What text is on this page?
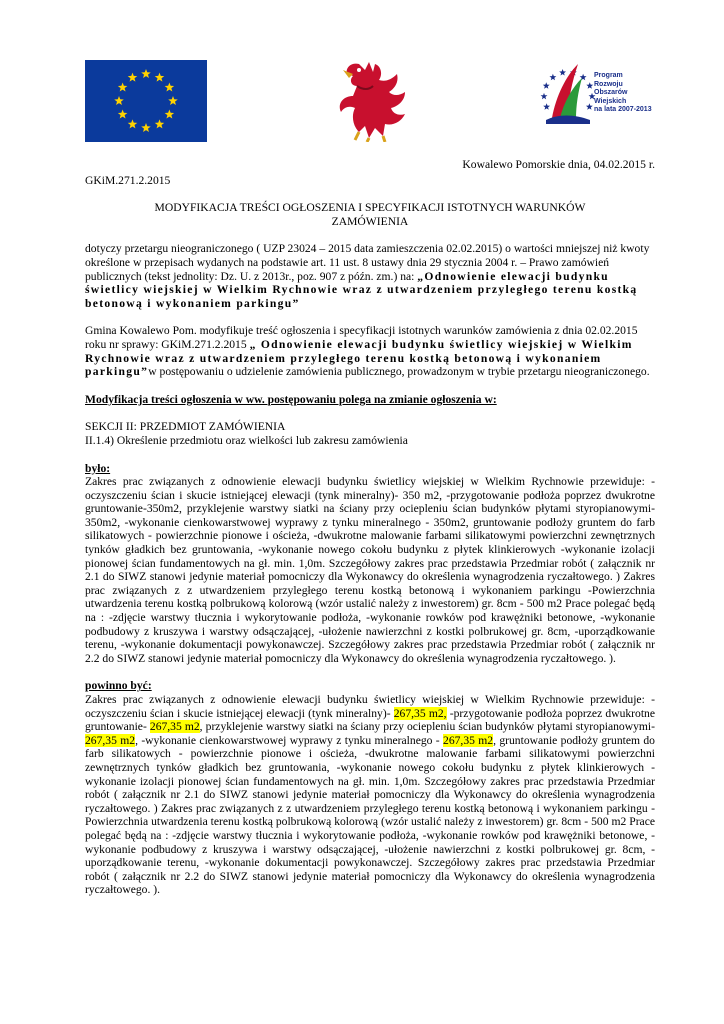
Program
Rozwoju
Obszarów
Wiejskich
na lata 2007-2013
Kowalewo Pomorskie dnia, 04.02.2015 r.
GKiM.271.2.2015
MODYFIKACJA TREŚCI OGŁOSZENIA I SPECYFIKACJI ISTOTNYCH WARUNKÓW
ZAMÓWIENIA

dotyczy przetargu nieograniczonego ( UZP 23024 – 2015 data zamieszczenia 02.02.2015) o wartości mniejszej niż kwoty określone w przepisach wydanych na podstawie art. 11 ust. 8 ustawy dnia 29 stycznia 2004 r. – Prawo zamówień publicznych (tekst jednolity: Dz. U. z 2013r., poz. 907 z późn. zm.) na: „Odnowienie elewacji budynku świetlicy wiejskiej w Wielkim Rychnowie wraz z utwardzeniem przyległego terenu kostką betonową i wykonaniem parkingu”

Gmina Kowalewo Pom. modyfikuje treść ogłoszenia i specyfikacji istotnych warunków zamówienia z dnia 02.02.2015 roku nr sprawy: GKiM.271.2.2015 „ Odnowienie elewacji budynku świetlicy wiejskiej w Wielkim Rychnowie wraz z utwardzeniem przyległego terenu kostką betonową i wykonaniem parkingu”w postępowaniu o udzielenie zamówienia publicznego, prowadzonym w trybie przetargu nieograniczonego.

Modyfikacja treści ogłoszenia w ww. postępowaniu polega na zmianie ogłoszenia w:

SEKCJI II: PRZEDMIOT ZAMÓWIENIA

II.1.4) Określenie przedmiotu oraz wielkości lub zakresu zamówienia

było:

Zakres prac związanych z odnowienie elewacji budynku świetlicy wiejskiej w Wielkim Rychnowie przewiduje: -oczyszczeniu ścian i skucie istniejącej elewacji (tynk mineralny)- 350 m2, -przygotowanie podłoża poprzez dwukrotne gruntowanie-350m2, przyklejenie warstwy siatki na ściany przy ociepleniu ścian budynków płytami styropianowymi-350m2, -wykonanie cienkowarstwowej wyprawy z tynku mineralnego - 350m2, gruntowanie podłoży gruntem do farb silikatowych - powierzchnie pionowe i ościeża, -dwukrotne malowanie farbami silikatowymi powierzchni zewnętrznych tynków gładkich bez gruntowania, -wykonanie nowego cokołu budynku z płytek klinkierowych -wykonanie izolacji pionowej ścian fundamentowych na gł. min. 1,0m. Szczegółowy zakres prac przedstawia Przedmiar robót ( załącznik nr 2.1 do SIWZ stanowi jedynie materiał pomocniczy dla Wykonawcy do określenia wynagrodzenia ryczałtowego. ) Zakres prac związanych z z utwardzeniem przyległego terenu kostką betonową i wykonaniem parkingu -Powierzchnia utwardzenia terenu kostką polbrukową kolorową (wzór ustalić należy z inwestorem) gr. 8cm - 500 m2 Prace polegać będą na : -zdjęcie warstwy tłucznia i wykorytowanie podłoża, -wykonanie rowków pod krawężniki betonowe, -wykonanie podbudowy z kruszywa i warstwy odsączającej, -ułożenie nawierzchni z kostki polbrukowej gr. 8cm, -uporządkowanie terenu, -wykonanie dokumentacji powykonawczej. Szczegółowy zakres prac przedstawia Przedmiar robót ( załącznik nr 2.2 do SIWZ stanowi jedynie materiał pomocniczy dla Wykonawcy do określenia wynagrodzenia ryczałtowego. ).

powinno być:

Zakres prac związanych z odnowienie elewacji budynku świetlicy wiejskiej w Wielkim Rychnowie przewiduje: -oczyszczeniu ścian i skucie istniejącej elewacji (tynk mineralny)- 267,35 m2, -przygotowanie podłoża poprzez dwukrotne gruntowanie- 267,35 m2, przyklejenie warstwy siatki na ściany przy ociepleniu ścian budynków płytami styropianowymi- 267,35 m2, -wykonanie cienkowarstwowej wyprawy z tynku mineralnego - 267,35 m2, gruntowanie podłoży gruntem do farb silikatowych - powierzchnie pionowe i ościeża, -dwukrotne malowanie farbami silikatowymi powierzchni zewnętrznych tynków gładkich bez gruntowania, -wykonanie nowego cokołu budynku z płytek klinkierowych -wykonanie izolacji pionowej ścian fundamentowych na gł. min. 1,0m. Szczegółowy zakres prac przedstawia Przedmiar robót ( załącznik nr 2.1 do SIWZ stanowi jedynie materiał pomocniczy dla Wykonawcy do określenia wynagrodzenia ryczałtowego. ) Zakres prac związanych z z utwardzeniem przyległego terenu kostką betonową i wykonaniem parkingu -Powierzchnia utwardzenia terenu kostką polbrukową kolorową (wzór ustalić należy z inwestorem) gr. 8cm - 500 m2 Prace polegać będą na : -zdjęcie warstwy tłucznia i wykorytowanie podłoża, -wykonanie rowków pod krawężniki betonowe, -wykonanie podbudowy z kruszywa i warstwy odsączającej, -ułożenie nawierzchni z kostki polbrukowej gr. 8cm, -uporządkowanie terenu, -wykonanie dokumentacji powykonawczej. Szczegółowy zakres prac przedstawia Przedmiar robót ( załącznik nr 2.2 do SIWZ stanowi jedynie materiał pomocniczy dla Wykonawcy do określenia wynagrodzenia ryczałtowego. ).
